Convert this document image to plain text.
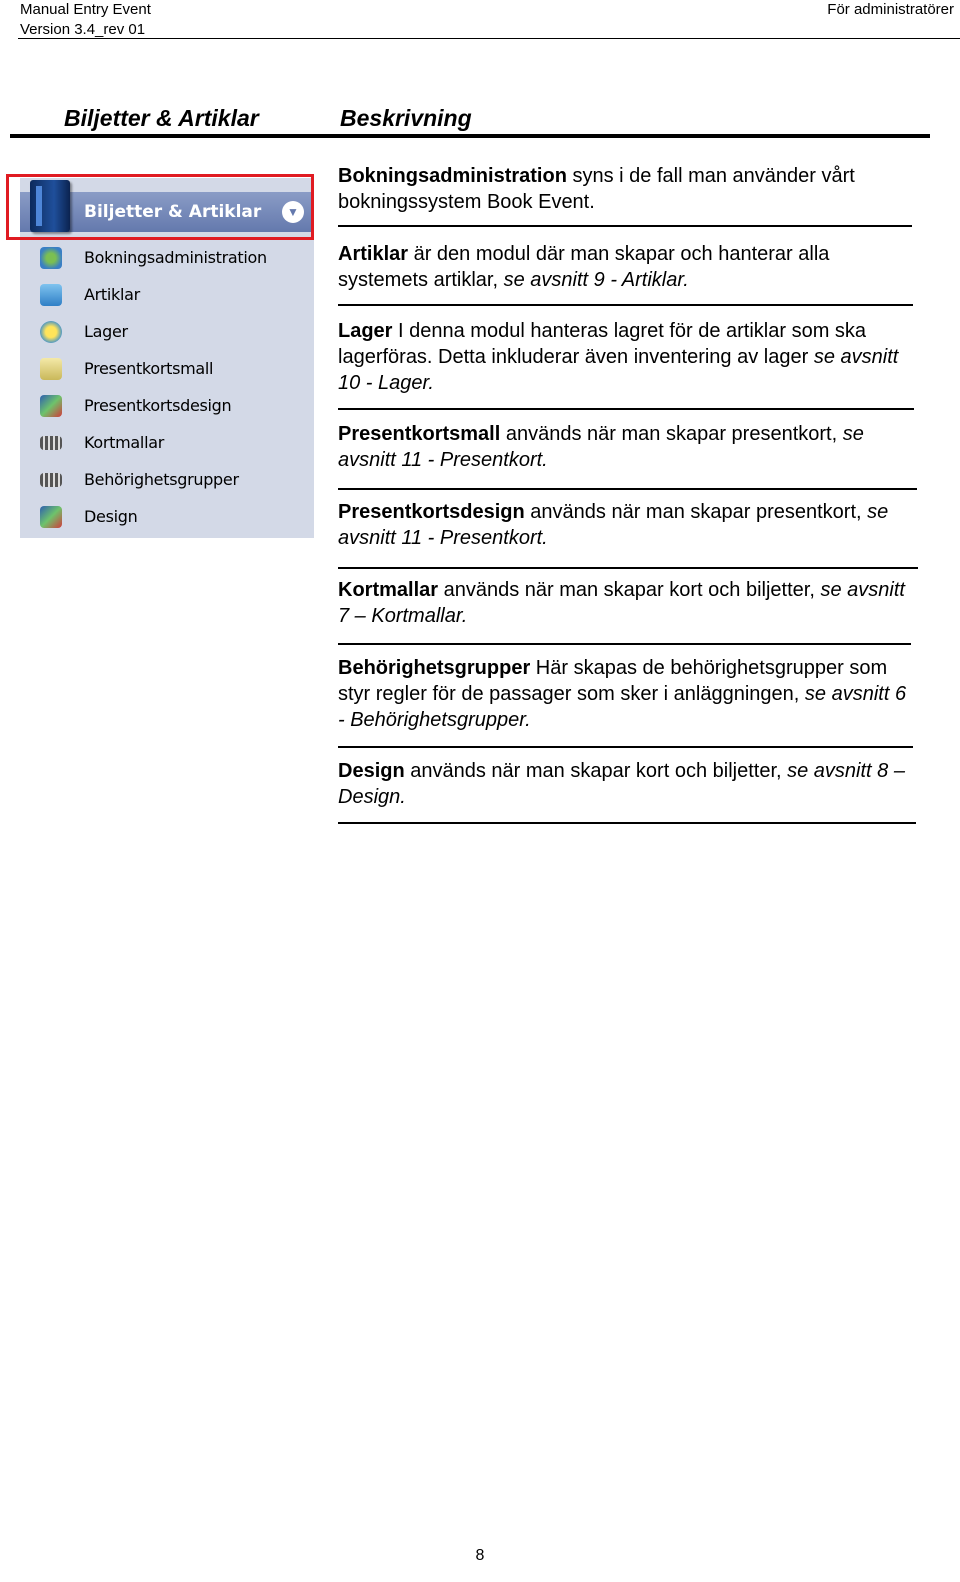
Manual Entry Event
Version 3.4_rev 01
För administratörer
Biljetter & Artiklar	Beskrivning
Biljetter & Artiklar	▼
Bokningsadministration
Artiklar
Lager
Presentkortsmall
Presentkortsdesign
Kortmallar
Behörighetsgrupper
Design
Bokningsadministration syns i de fall man använder vårt bokningssystem Book Event.
Artiklar är den modul där man skapar och hanterar alla systemets artiklar, se avsnitt 9 - Artiklar.
Lager I denna modul hanteras lagret för de artiklar som ska lagerföras. Detta inkluderar även inventering av lager se avsnitt 10 - Lager.
Presentkortsmall används när man skapar presentkort, se avsnitt 11 - Presentkort.
Presentkortsdesign används när man skapar presentkort, se avsnitt 11 - Presentkort.
Kortmallar används när man skapar kort och biljetter, se avsnitt 7 – Kortmallar.
Behörighetsgrupper Här skapas de behörighetsgrupper som styr regler för de passager som sker i anläggningen, se avsnitt 6 - Behörighetsgrupper.
Design används när man skapar kort och biljetter, se avsnitt 8 – Design.
8
